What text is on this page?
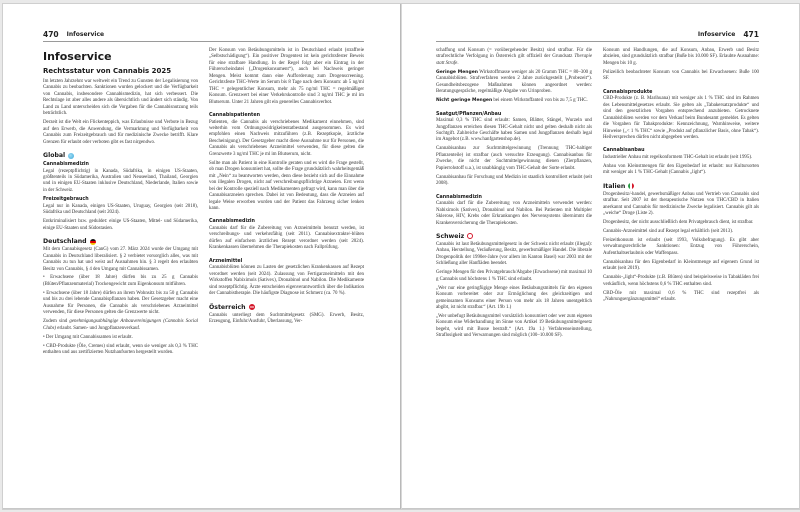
470 Infoservice
Infoservice
Rechtsstatur von Cannabis 2025

Im letzten Jahrzehnt war weltweit ein Trend zu Gunsten der Legalisierung von Cannabis zu beobachten. Sanktionen wurden gelockert und die Verfügbarkeit von Cannabis, insbesondere Cannabismedizin, hat sich verbessert. Die Rechtslage ist aber alles andere als übersichtlich und ändert sich ständig. Von Land zu Land unterscheiden sich die Vorgaben für die Cannabisnutzung teils beträchtlich.

Derzeit ist die Welt ein Flickenteppich, was Erlaubnisse und Verbote in Bezug auf den Erwerb, die Anwendung, die Vermarktung und Verfügbarkeit von Cannabis zum Freizeitgebrauch und für medizinische Zwecke betrifft. Klare Grenzen für erlaubt oder verboten gibt es fast nirgendwo.

Global
Cannabismedizin

Legal (rezeptpflichtig) in Kanada, Südafrika, in einigen US-Staaten, größtenteils in Südamerika, Australien und Neuseeland, Thailand, Georgien und in einigen EU-Staaten inklusive Deutschland, Niederlande, Italien sowie in der Schweiz.

Freizeitgebrauch

Legal nur in Kanada, einigen US-Staaten, Uruguay, Georgien (seit 2018), Südafrika und Deutschland (seit 2024).

Entkriminalisiert bzw. geduldet: einige US-Staaten, Mittel- und Südamerika, einige EU-Staaten und Südostasien.

Deutschland

Mit dem Cannabisgesetz (CanG) vom 27. März 2024 wurde der Umgang mit Cannabis in Deutschland liberalisiert. § 2 verbietet vorsorglich alles, was mit Cannabis zu tun hat und weist auf Ausnahmen hin. § 3 regelt den erlaubten Besitz von Cannabis, § 4 den Umgang mit Cannabissamen.

• Erwachsene (über 18 Jahre) dürfen bis zu 25 g Cannabis (Blüten/Pflanzenmaterial) Trockengewicht zum Eigenkonsum mitführen.

• Erwachsene (über 18 Jahre) dürfen an ihrem Wohnsitz bis zu 50 g Cannabis und bis zu drei lebende Cannabispflanzen haben. Der Gesetzgeber macht eine Ausnahme für Personen, die Cannabis als verschriebenes Arzneimittel verwenden, für diese Personen gelten die Grenzwerte nicht.

Zudem sind genehmigungsabhängige Anbauvereinigungen (Cannabis Social Clubs) erlaubt. Samen- und Jungpflanzenverkauf.

• Der Umgang mit Cannabissamen ist erlaubt.

• CBD-Produkte (Öle, Cremes) sind erlaubt, wenn sie weniger als 0,3 % THC enthalten und aus zertifizierten Nutzhanfsorten hergestellt wurden.

Der Konsum von Betäubungsmitteln ist in Deutschland erlaubt (straffreie „Selbstschädigung“). Ein positiver Drogentest ist kein gerichtsfester Beweis für eine strafbare Handlung. In der Regel folgt aber ein Eintrag in der Führerscheindatei („Drogenkonsument“), auch bei Nachweis geringer Mengen. Meist kommt dann eine Aufforderung zum Drogenscreening. Gerichtsfeste THC-Werte im Serum bis 8 Tage nach dem Konsum: ab 5 ng/ml THC = gelegentlicher Konsum, mehr als 75 ng/ml THC = regelmäßiger Konsum. Grenzwert bei einer Verkehrskontrolle sind 3 ng/ml THC je ml im Blutserum. Unter 21 Jahren gilt ein generelles Cannabisverbot.

Cannabispatienten

Patienten, die Cannabis als verschriebenes Medikament einnehmen, sind weiterhin vom Ordnungswidrigkeitentatbestand ausgenommen. Es wird empfohlen einen Nachweis mitzuführen (z.B. Rezeptkopie, ärztliche Bescheinigung). Der Gesetzgeber macht diese Ausnahme nur für Personen, die Cannabis als verschriebenes Arzneimittel verwenden, für diese gelten die Grenzwerte 3 ng/ml THC je ml im Blutserum, nicht.

Sollte man als Patient in eine Kontrolle geraten und es wird die Frage gestellt, ob man Drogen konsumiert hat, sollte die Frage grundsätzlich wahrheitsgemäß mit „Nein“ zu beantworten werden, denn diese bezieht sich auf die Einnahme von illegalen Drogen, nicht auf verschreibungspflichtige Arzneien. Erst wenn bei der Kontrolle speziell nach Medikamenten gefragt wird, kann man über die Cannabisarzneien sprechen. Dabei ist von Bedeutung, dass die Arzneien auf legale Weise erworben wurden und der Patient das Fahrzeug sicher lenken kann.

Cannabismedizin

Cannabis darf für die Zubereitung von Arzneimitteln benutzt werden, ist verschreibungs- und verkehrsfähig (seit 2011). Cannabisextrakte/-blüten dürfen auf einfachem ärztlichen Rezept verordnet werden (seit 2024). Krankenkassen übernehmen die Therapiekosten nach Fallprüfung.

Arzneimittel

Cannabisblüten können zu Lasten der gesetzlichen Krankenkassen auf Rezept verordnet werden (seit 2024). Zulassung von Fertigarzneimitteln mit den Wirkstoffen Nabiximols (Sativex), Dronabinol und Nabilon. Die Medikamente sind rezeptpflichtig. Ärzte entscheiden eigenverantwortlich über die Indikation der Cannabistherapie. Die häufigste Diagnose ist Schmerz (ca. 70 %).

Österreich

Cannabis unterliegt dem Suchtmittelgesetz (SMG). Erwerb, Besitz, Erzeugung, Einfuhr/Ausfuhr, Überlassung, Ver-

Infoservice 471

schaffung und Konsum (= vorübergehender Besitz) sind strafbar. Für die strafrechtliche Verfolgung in Österreich gilt offiziell der Grundsatz Therapie statt Strafe.

Geringe Mengen Wirkstoffmasse weniger als 20 Gramm THC = 80–300 g Cannabisblüten. Strafverfahren werden 2 Jahre zurückgestellt („Probezeit“). Gesundheitsbezogene Maßnahmen können angeordnet werden: Beratungsgespräche, regelmäßige Abgabe von Urinproben.

Nicht geringe Mengen bei einem Wirkstoffanteil von bis zu 7,5 g THC.

Saatgut/Pflanzen/Anbau

Maximal 0,3 % THC sind erlaubt: Samen, Blätter, Stängel, Wurzeln und Jungpflanzen erreichen diesen THC-Gehalt nicht und gelten deshalb nicht als Suchtgift. Zahlreiche Geschäfte haben Samen und Jungpflanzen deshalb legal im Angebot (z.B. www.hanfgartenshop.de).

Cannabisanbau zur Suchtmittelgewinnung (Trennung THC-haltiger Pflanzenteile) ist strafbar (auch versuchte Erzeugung). Cannabisanbau für Zwecke, die nicht der Suchtmittelgewinnung dienen (Zierpflanzen, Papierrohstoff u.a.), ist unabhängig vom THC-Gehalt der Sorte erlaubt.

Cannabisanbau für Forschung und Medizin ist staatlich kontrolliert erlaubt (seit 2008).

Cannabismedizin

Cannabis darf für die Zubereitung von Arzneimitteln verwendet werden: Nabiximols (Sativex), Dronabinol und Nabilon. Bei Patienten mit Multipler Sklerose, HIV, Krebs oder Erkrankungen des Nervensystems übernimmt die Krankenversicherung die Therapiekosten.

Schweiz

Cannabis ist laut Betäubungsmittelgesetz in der Schweiz nicht erlaubt (illegal): Anbau, Herstellung, Veräußerung, Besitz, gewerbsmäßiger Handel. Die liberale Drogenpolitik der 1990er-Jahre (vor allem im Kanton Basel) war 2003 mit der Schließung aller Hanfläden beendet.

Geringe Mengen für den Privatgebrauch/Abgabe (Erwachsene) mit maximal 10 g Cannabis und höchstens 1 % THC sind erlaubt.

„Wer nur eine geringfügige Menge eines Betäubungsmittels für den eigenen Konsum vorbereitet oder zur Ermöglichung des gleichzeitigen und gemeinsamen Konsums einer Person von mehr als 18 Jahren unentgeltlich abgibt, ist nicht strafbar.“ (Art. 19b 1.)

„Wer unbefugt Betäubungsmittel vorsätzlich konsumiert oder wer zum eigenen Konsum eine Widerhandlung im Sinne von Artikel 19 Betäubungsmittelgesetz begeht, wird mit Busse bestraft.“ (Art. 19a 1.) Verfahrenseinstellung, Straflosigkeit und Verwarnungen sind möglich (100–10.000 SF).

Konsum und Handlungen, die auf Konsum, Anbau, Erwerb und Besitz abzielen, sind grundsätzlich strafbar (Buße bis 10.000 SF). Erlaubte Ausnahme: Mengen bis 10 g.

Polizeilich beobachteter Konsum von Cannabis bei Erwachsenen: Buße 100 SF.

Cannabisprodukte

CBD-Produkte (z. B. Marihuana) mit weniger als 1 % THC sind im Rahmen des Lebensmittelgesetzes erlaubt. Sie gelten als „Tabakersatzprodukte“ und sind den gesetzlichen Vorgaben entsprechend anzubieten. Getrocknete Cannabisblüten werden vor dem Verkauf beim Bundesamt gemeldet. Es gelten die Vorgaben für Tabakprodukte: Kennzeichnung, Warnhinweise, weitere Hinweise („< 1 % THC“ sowie „Produkt auf pflanzlicher Basis, ohne Tabak“). Heilversprechen dürfen nicht abgegeben werden.

Cannabisanbau

Industrieller Anbau mit regelkonformem THC-Gehalt ist erlaubt (seit 1995).

Anbau von Kleinstmengen für den Eigenbedarf ist erlaubt: nur Kultursorten mit weniger als 1 % THC-Gehalt (Cannabis „light“).

Italien

Drogenbesitz/-handel, gewerbsmäßiger Anbau und Vertrieb von Cannabis sind strafbar. Seit 2007 ist der therapeutische Nutzen von THC/CBD in Italien anerkannt und Cannabis für medizinische Zwecke legalisiert. Cannabis gilt als „weiche“ Droge (Liste 2).

Drogenbesitz, der nicht ausschließlich dem Privatgebrauch dient, ist strafbar.

Cannabis-Arzneimittel sind auf Rezept legal erhältlich (seit 2013).

Freizeitkonsum ist erlaubt (seit 1993, Volksbefragung). Es gibt aber verwaltungsrechtliche Sanktionen: Entzug von Führerschein, Aufenthaltserlaubnis oder Waffenpass.

Cannabisanbau für den Eigenbedarf in Kleinstmenge auf eigenem Grund ist erlaubt (seit 2019).

Cannabis-„light“-Produkte (z.B. Blüten) sind beispielsweise in Tabakläden frei verkäuflich, wenn höchstens 0,6 % THC enthalten sind.

CBD-Öle mit maximal 0,6 % THC sind rezeptfrei als „Nahrungsergänzungsmittel“ erlaubt.
